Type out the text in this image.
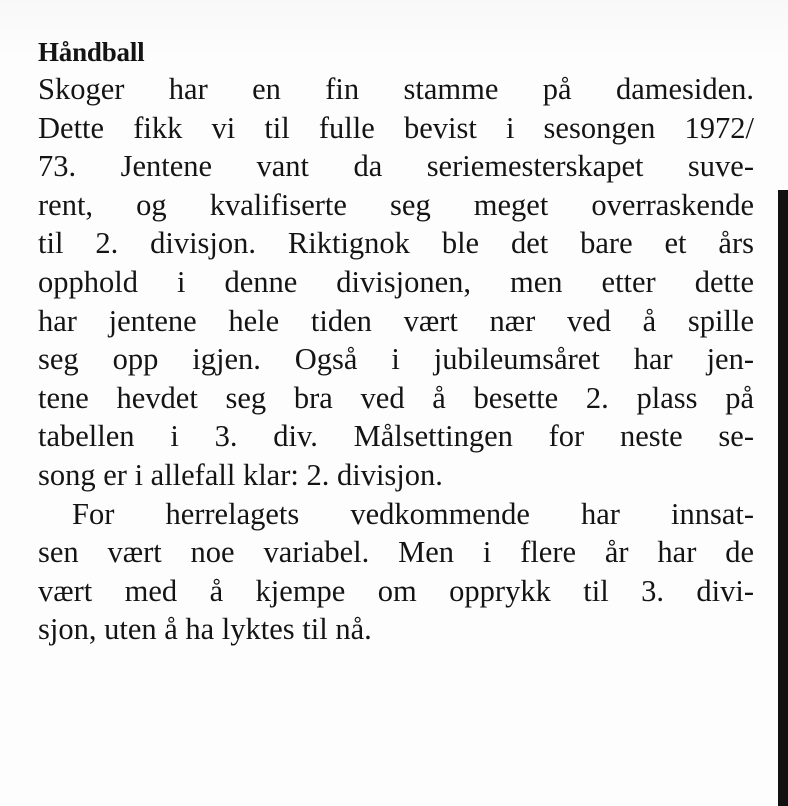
Håndball

Skoger har en fin stamme på damesiden.
Dette fikk vi til fulle bevist i sesongen 1972/
73. Jentene vant da seriemesterskapet suve-
rent, og kvalifiserte seg meget overraskende
til 2. divisjon. Riktignok ble det bare et års
opphold i denne divisjonen, men etter dette
har jentene hele tiden vært nær ved å spille
seg opp igjen. Også i jubileumsåret har jen-
tene hevdet seg bra ved å besette 2. plass på
tabellen i 3. div. Målsettingen for neste se-
song er i allefall klar: 2. divisjon.

For herrelagets vedkommende har innsat-
sen vært noe variabel. Men i flere år har de
vært med å kjempe om opprykk til 3. divi-
sjon, uten å ha lyktes til nå.
